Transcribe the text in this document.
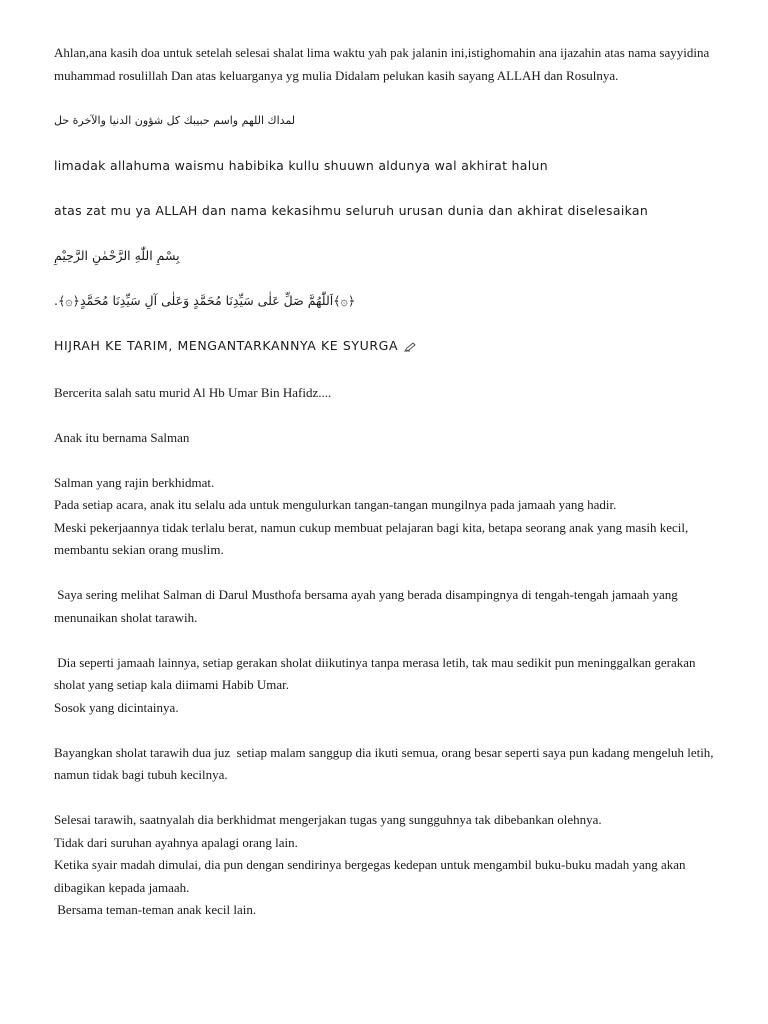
Ahlan,ana kasih doa untuk setelah selesai shalat lima waktu yah pak jalanin ini,istighomahin ana ijazahin atas nama sayyidina muhammad rosulillah Dan atas keluarganya yg mulia Didalam pelukan kasih sayang ALLAH dan Rosulnya.

لمداك اللهم واسم حبيبك كل شؤون الدنيا والآخرة حل

limadak allahuma waismu habibika kullu shuuwn aldunya wal akhirat halun

atas zat mu ya ALLAH dan nama kekasihmu seluruh urusan dunia dan akhirat diselesaikan

بِسْمِ اللّٰهِ الرَّحْمٰنِ الرَّحِيْمِ

﴿۞﴾اَللّٰهُمَّ صَلِّ عَلٰى سَيِّدِنَا مُحَمَّدٍ وَعَلٰى آلِ سَيِّدِنَا مُحَمَّدٍ﴿۞﴾.

HIJRAH KE TARIM, MENGANTARKANNYA KE SYURGA

Bercerita salah satu murid Al Hb Umar Bin Hafidz....

Anak itu bernama Salman

Salman yang rajin berkhidmat.

Pada setiap acara, anak itu selalu ada untuk mengulurkan tangan-tangan mungilnya pada jamaah yang hadir.

Meski pekerjaannya tidak terlalu berat, namun cukup membuat pelajaran bagi kita, betapa seorang anak yang masih kecil, membantu sekian orang muslim.

Saya sering melihat Salman di Darul Musthofa bersama ayah yang berada disampingnya di tengah-tengah jamaah yang menunaikan sholat tarawih.

Dia seperti jamaah lainnya, setiap gerakan sholat diikutinya tanpa merasa letih, tak mau sedikit pun meninggalkan gerakan sholat yang setiap kala diimami Habib Umar.

Sosok yang dicintainya.

Bayangkan sholat tarawih dua juz  setiap malam sanggup dia ikuti semua, orang besar seperti saya pun kadang mengeluh letih, namun tidak bagi tubuh kecilnya.

Selesai tarawih, saatnyalah dia berkhidmat mengerjakan tugas yang sungguhnya tak dibebankan olehnya.

Tidak dari suruhan ayahnya apalagi orang lain.

Ketika syair madah dimulai, dia pun dengan sendirinya bergegas kedepan untuk mengambil buku-buku madah yang akan dibagikan kepada jamaah.

Bersama teman-teman anak kecil lain.
